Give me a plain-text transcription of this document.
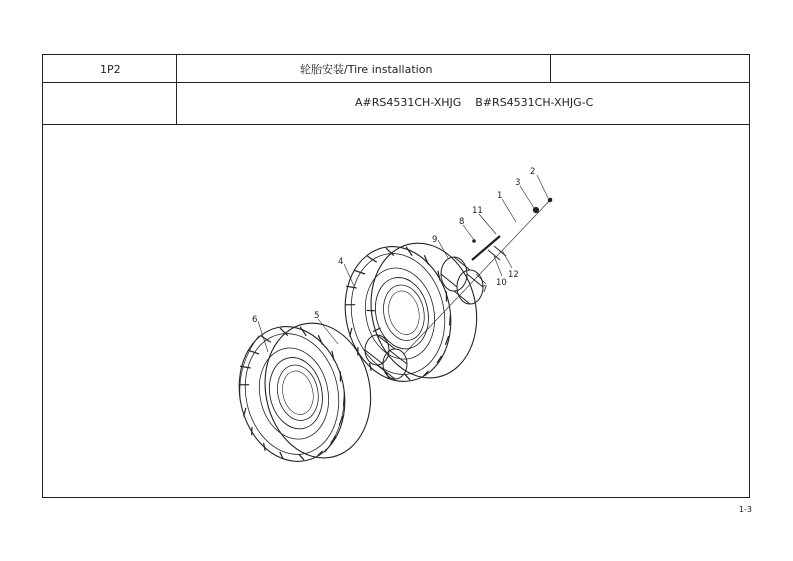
1P2	轮胎安装/Tire installation
A#RS4531CH-XHJG    B#RS4531CH-XHJG-C
6	5
4
9
8
11
1
3
2
7
10
12
1-3
